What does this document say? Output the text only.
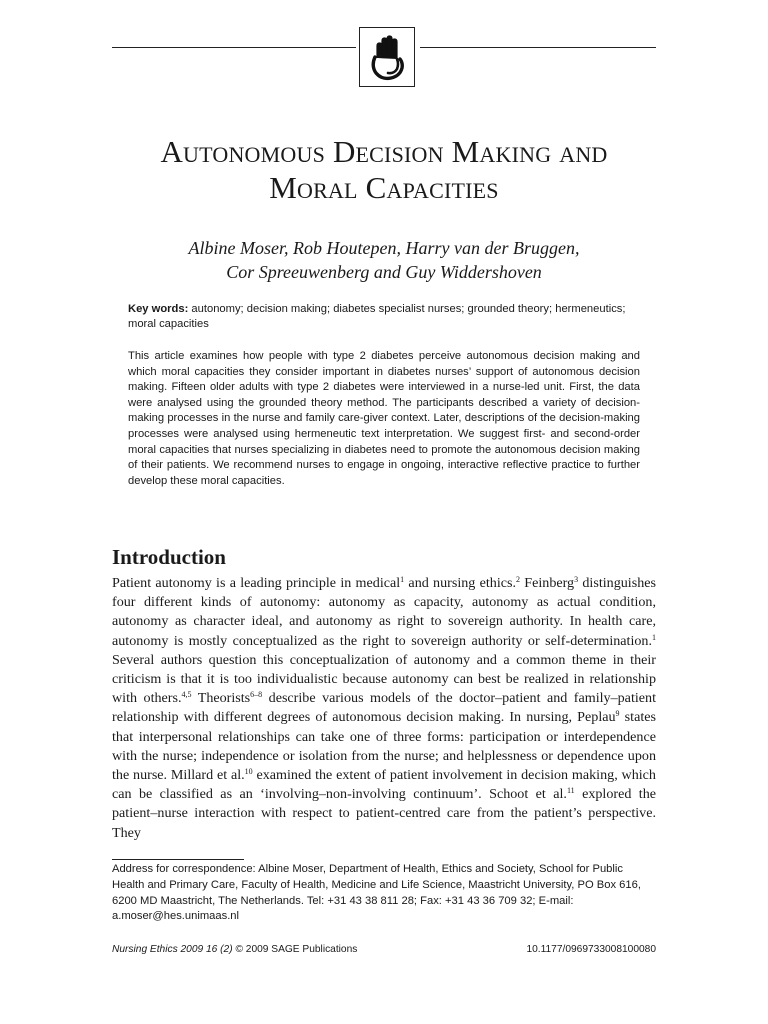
Autonomous Decision Making and
Moral Capacities
Albine Moser, Rob Houtepen, Harry van der Bruggen,
Cor Spreeuwenberg and Guy Widdershoven
Key words: autonomy; decision making; diabetes specialist nurses; grounded theory; hermeneutics; moral capacities
This article examines how people with type 2 diabetes perceive autonomous decision making and which moral capacities they consider important in diabetes nurses’ support of autonomous decision making. Fifteen older adults with type 2 diabetes were interviewed in a nurse-led unit. First, the data were analysed using the grounded theory method. The participants described a variety of decision-making processes in the nurse and family care-giver context. Later, descriptions of the decision-making processes were analysed using hermeneutic text interpretation. We suggest first- and second-order moral capacities that nurses specializing in diabetes need to promote the autonomous decision making of their patients. We recommend nurses to engage in ongoing, interactive reflective practice to further develop these moral capacities.
Introduction
Patient autonomy is a leading principle in medical$^1$ and nursing ethics.$^2$ Feinberg$^3$ distinguishes four different kinds of autonomy: autonomy as capacity, autonomy as actual condition, autonomy as character ideal, and autonomy as right to sovereign authority. In health care, autonomy is mostly conceptualized as the right to sovereign authority or self-determination.$^1$ Several authors question this conceptualization of autonomy and a common theme in their criticism is that it is too individualistic because autonomy can best be realized in relationship with others.$^{4,5}$ Theorists$^{6-8}$ describe various models of the doctor–patient and family–patient relationship with different degrees of autonomous decision making. In nursing, Peplau$^9$ states that interpersonal relationships can take one of three forms: participation or interdependence with the nurse; independence or isolation from the nurse; and helplessness or dependence upon the nurse. Millard et al.$^{10}$ examined the extent of patient involvement in decision making, which can be classified as an ‘involving–non-involving continuum’. Schoot et al.$^{11}$ explored the patient–nurse interaction with respect to patient-centred care from the patient’s perspective. They
Address for correspondence: Albine Moser, Department of Health, Ethics and Society, School for Public Health and Primary Care, Faculty of Health, Medicine and Life Science, Maastricht University, PO Box 616, 6200 MD Maastricht, The Netherlands. Tel: +31 43 38 811 28; Fax: +31 43 36 709 32; E-mail: a.moser@hes.unimaas.nl
Nursing Ethics 2009 16 (2) © 2009 SAGE Publications	10.1177/0969733008100080
